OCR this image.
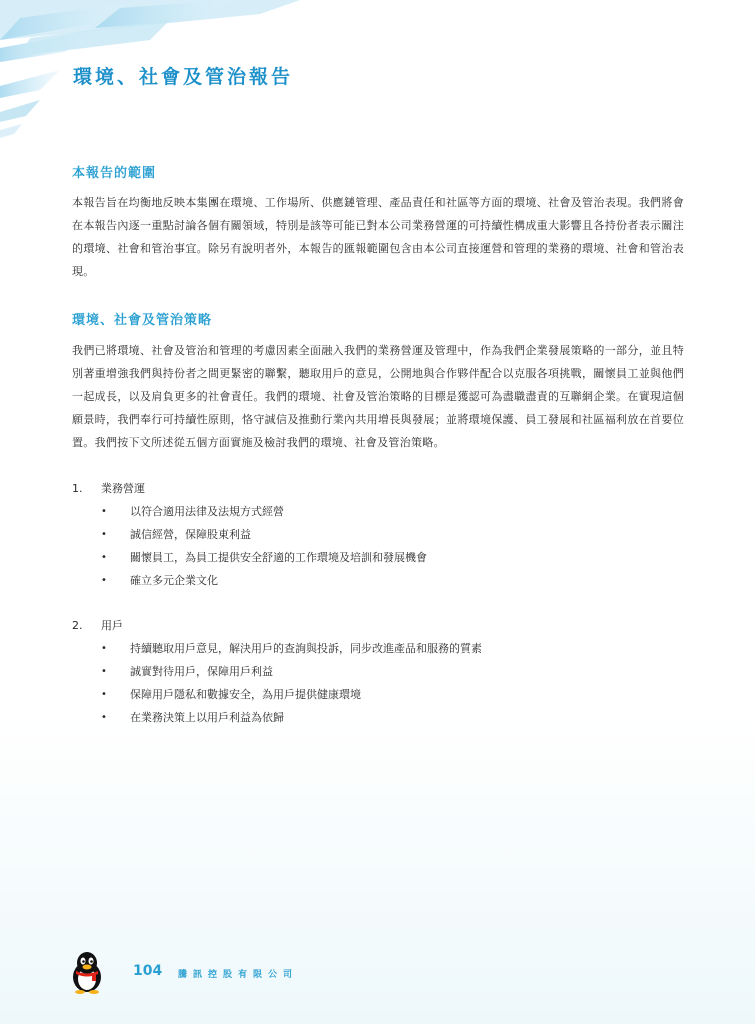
環境、社會及管治報告
本報告的範圍

本報告旨在均衡地反映本集團在環境、工作場所、供應鏈管理、產品責任和社區等方面的環境、社會及管治表現。我們將會在本報告內逐一重點討論各個有關領域，特別是該等可能已對本公司業務營運的可持續性構成重大影響且各持份者表示關注的環境、社會和管治事宜。除另有說明者外，本報告的匯報範圍包含由本公司直接運營和管理的業務的環境、社會和管治表現。

環境、社會及管治策略

我們已將環境、社會及管治和管理的考慮因素全面融入我們的業務營運及管理中，作為我們企業發展策略的一部分，並且特別著重增強我們與持份者之間更緊密的聯繫，聽取用戶的意見，公開地與合作夥伴配合以克服各項挑戰，關懷員工並與他們一起成長，以及肩負更多的社會責任。我們的環境、社會及管治策略的目標是獲認可為盡職盡責的互聯網企業。在實現這個願景時，我們奉行可持續性原則，恪守誠信及推動行業內共用增長與發展；並將環境保護、員工發展和社區福利放在首要位置。我們按下文所述從五個方面實施及檢討我們的環境、社會及管治策略。

1. 業務營運
• 以符合適用法律及法規方式經營
• 誠信經營，保障股東利益
• 關懷員工，為員工提供安全舒適的工作環境及培訓和發展機會
• 確立多元企業文化
2. 用戶
• 持續聽取用戶意見，解決用戶的查詢與投訴，同步改進產品和服務的質素
• 誠實對待用戶，保障用戶利益
• 保障用戶隱私和數據安全，為用戶提供健康環境
• 在業務決策上以用戶利益為依歸
104 騰訊控股有限公司
